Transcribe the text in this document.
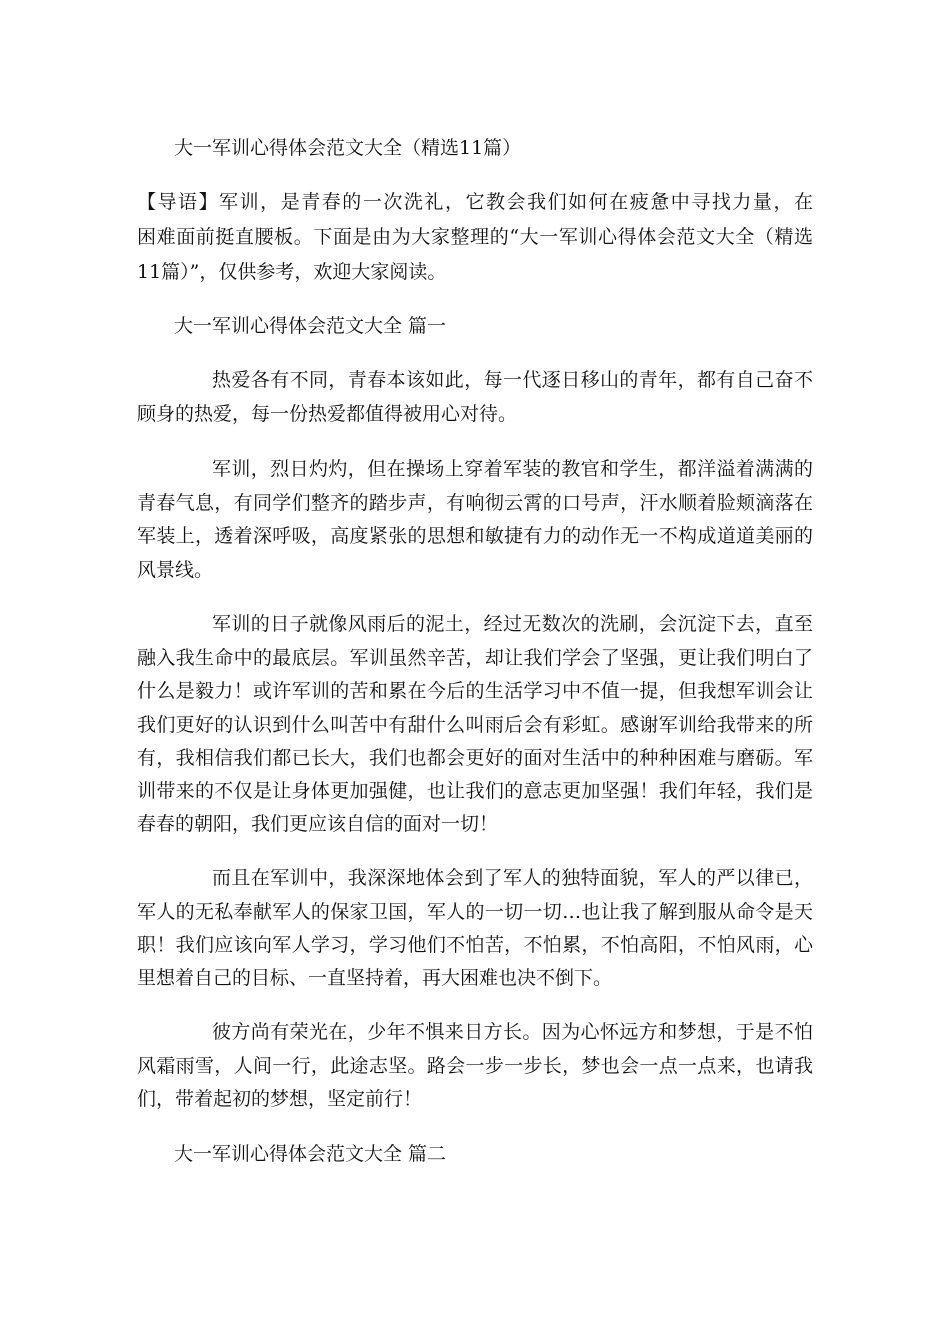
大一军训心得体会范文大全（精选11篇）
【导语】军训，是青春的一次洗礼，它教会我们如何在疲惫中寻找力量，在
困难面前挺直腰板。下面是由为大家整理的“大一军训心得体会范文大全（精选
11篇）”，仅供参考，欢迎大家阅读。
大一军训心得体会范文大全 篇一
热爱各有不同，青春本该如此，每一代逐日移山的青年，都有自己奋不
顾身的热爱，每一份热爱都值得被用心对待。
军训，烈日灼灼，但在操场上穿着军装的教官和学生，都洋溢着满满的
青春气息，有同学们整齐的踏步声，有响彻云霄的口号声，汗水顺着脸颊滴落在
军装上，透着深呼吸，高度紧张的思想和敏捷有力的动作无一不构成道道美丽的
风景线。
军训的日子就像风雨后的泥土，经过无数次的洗刷，会沉淀下去，直至
融入我生命中的最底层。军训虽然辛苦，却让我们学会了坚强，更让我们明白了
什么是毅力！或许军训的苦和累在今后的生活学习中不值一提，但我想军训会让
我们更好的认识到什么叫苦中有甜什么叫雨后会有彩虹。感谢军训给我带来的所
有，我相信我们都已长大，我们也都会更好的面对生活中的种种困难与磨砺。军
训带来的不仅是让身体更加强健，也让我们的意志更加坚强！我们年轻，我们是
春春的朝阳，我们更应该自信的面对一切！
而且在军训中，我深深地体会到了军人的独特面貌，军人的严以律已，
军人的无私奉献军人的保家卫国，军人的一切一切…也让我了解到服从命令是天
职！我们应该向军人学习，学习他们不怕苦，不怕累，不怕高阳，不怕风雨，心
里想着自己的目标、一直坚持着，再大困难也决不倒下。
彼方尚有荣光在，少年不惧来日方长。因为心怀远方和梦想，于是不怕
风霜雨雪，人间一行，此途志坚。路会一步一步长，梦也会一点一点来，也请我
们，带着起初的梦想，坚定前行！
大一军训心得体会范文大全 篇二
